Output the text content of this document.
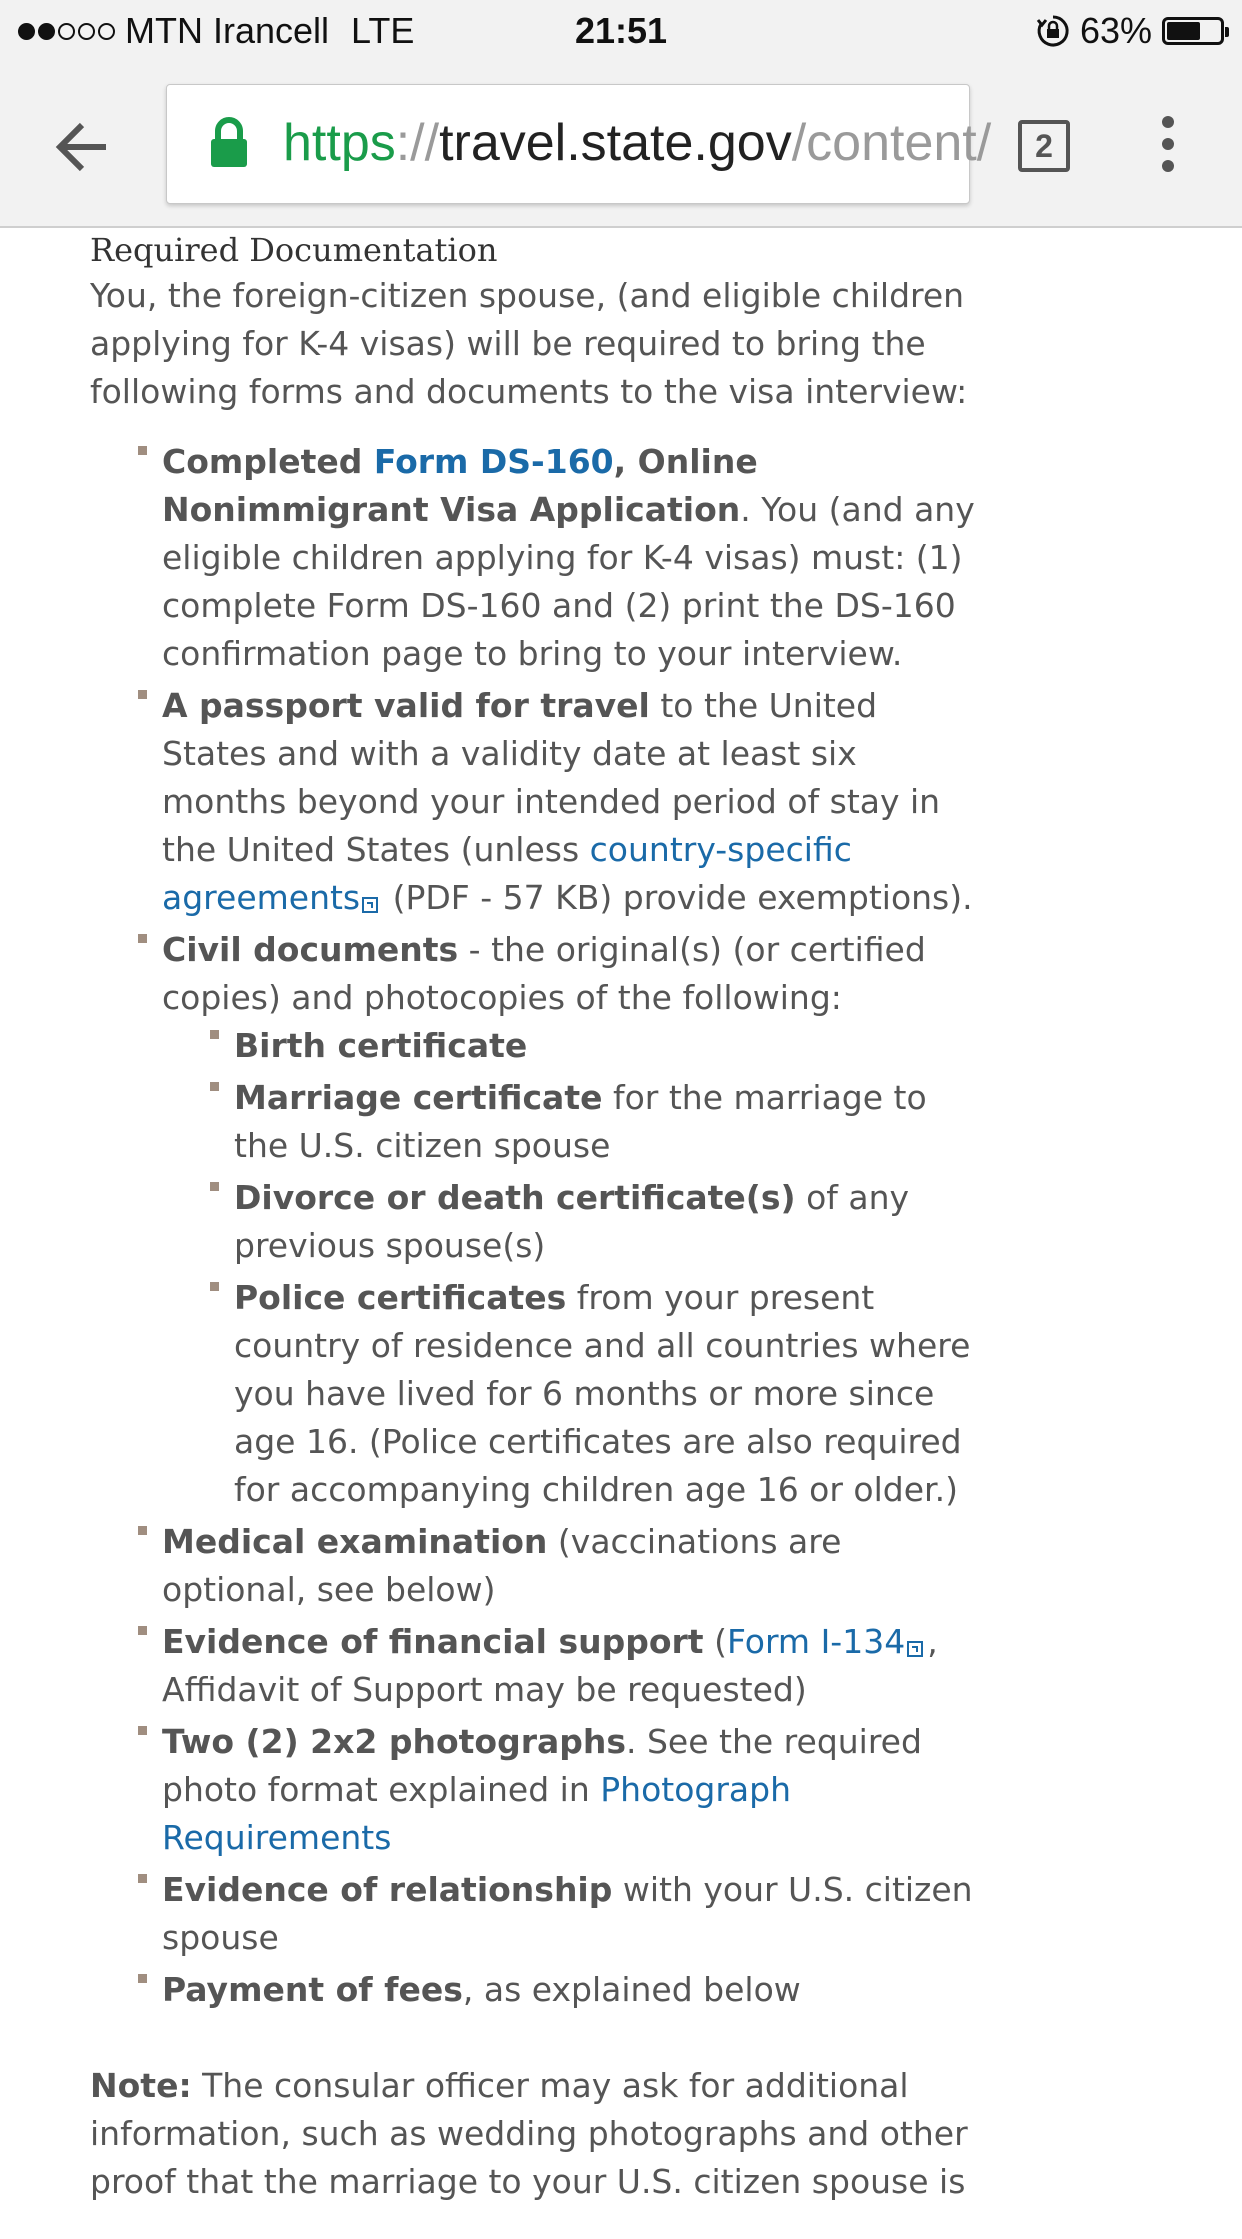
MTN Irancell LTE	21:51	63%
https://travel.state.gov/content/ 2
Required Documentation

You, the foreign-citizen spouse, (and eligible children applying for K-4 visas) will be required to bring the following forms and documents to the visa interview:

Completed Form DS-160, Online Nonimmigrant Visa Application. You (and any eligible children applying for K-4 visas) must: (1) complete Form DS-160 and (2) print the DS-160 confirmation page to bring to your interview.
A passport valid for travel to the United States and with a validity date at least six months beyond your intended period of stay in the United States (unless country-specific agreements (PDF - 57 KB) provide exemptions).
Civil documents - the original(s) (or certified copies) and photocopies of the following:
Birth certificate
Marriage certificate for the marriage to the U.S. citizen spouse
Divorce or death certificate(s) of any previous spouse(s)
Police certificates from your present country of residence and all countries where you have lived for 6 months or more since age 16. (Police certificates are also required for accompanying children age 16 or older.)
Medical examination (vaccinations are optional, see below)
Evidence of financial support (Form I-134 , Affidavit of Support may be requested)
Two (2) 2x2 photographs. See the required photo format explained in Photograph Requirements
Evidence of relationship with your U.S. citizen spouse
Payment of fees, as explained below

Note: The consular officer may ask for additional information, such as wedding photographs and other proof that the marriage to your U.S. citizen spouse is
